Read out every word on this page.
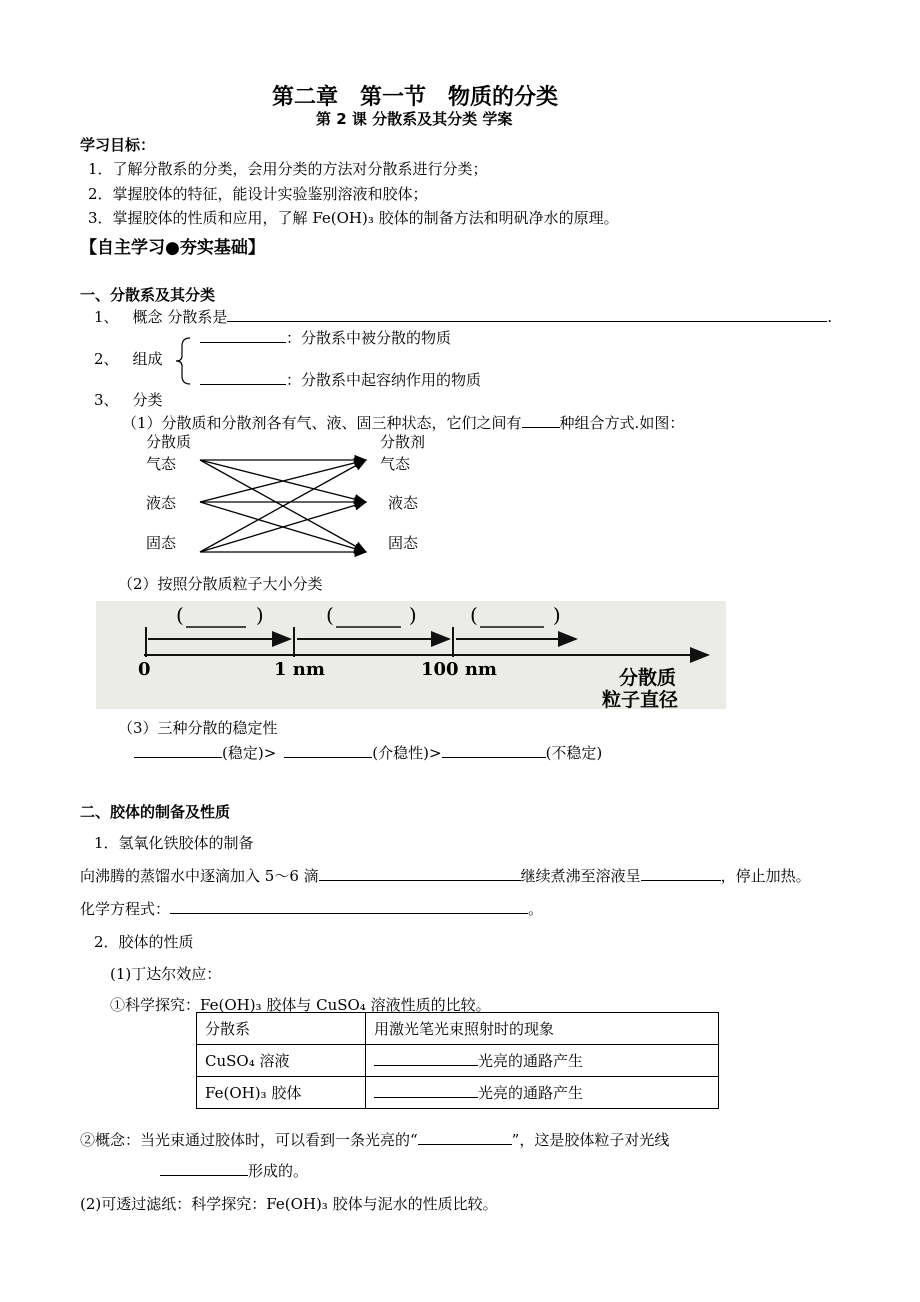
第二章 第一节 物质的分类
第 2 课 分散系及其分类 学案
学习目标：
1．了解分散系的分类，会用分类的方法对分散系进行分类；
2．掌握胶体的特征，能设计实验鉴别溶液和胶体；
3．掌握胶体的性质和应用，了解 Fe(OH)₃ 胶体的制备方法和明矾净水的原理。
【自主学习●夯实基础】
一、分散系及其分类
1、 概念 分散系是	.
2、 组成
：分散系中被分散的物质
：分散系中起容纳作用的物质
3、 分类
（1）分散质和分散剂各有气、液、固三种状态，它们之间有	种组合方式.如图：
分散质	分散剂
气态
液态
固态
气态
液态
固态
（2）按照分散质粒子大小分类
(	)	(	)	(	)
0	1 nm	100 nm	分散质
粒子直径
（3）三种分散的稳定性
(稳定)>	(介稳性)>	(不稳定)
二、胶体的制备及性质
1．氢氧化铁胶体的制备
向沸腾的蒸馏水中逐滴加入 5～6 滴	继续煮沸至溶液呈	，停止加热。
化学方程式：	。
2．胶体的性质
(1)丁达尔效应：
①科学探究：Fe(OH)₃ 胶体与 CuSO₄ 溶液性质的比较。
分散系	用激光笔光束照射时的现象
CuSO₄ 溶液	光亮的通路产生
Fe(OH)₃ 胶体	光亮的通路产生
②概念：当光束通过胶体时，可以看到一条光亮的“	”，这是胶体粒子对光线
形成的。
(2)可透过滤纸：科学探究：Fe(OH)₃ 胶体与泥水的性质比较。
